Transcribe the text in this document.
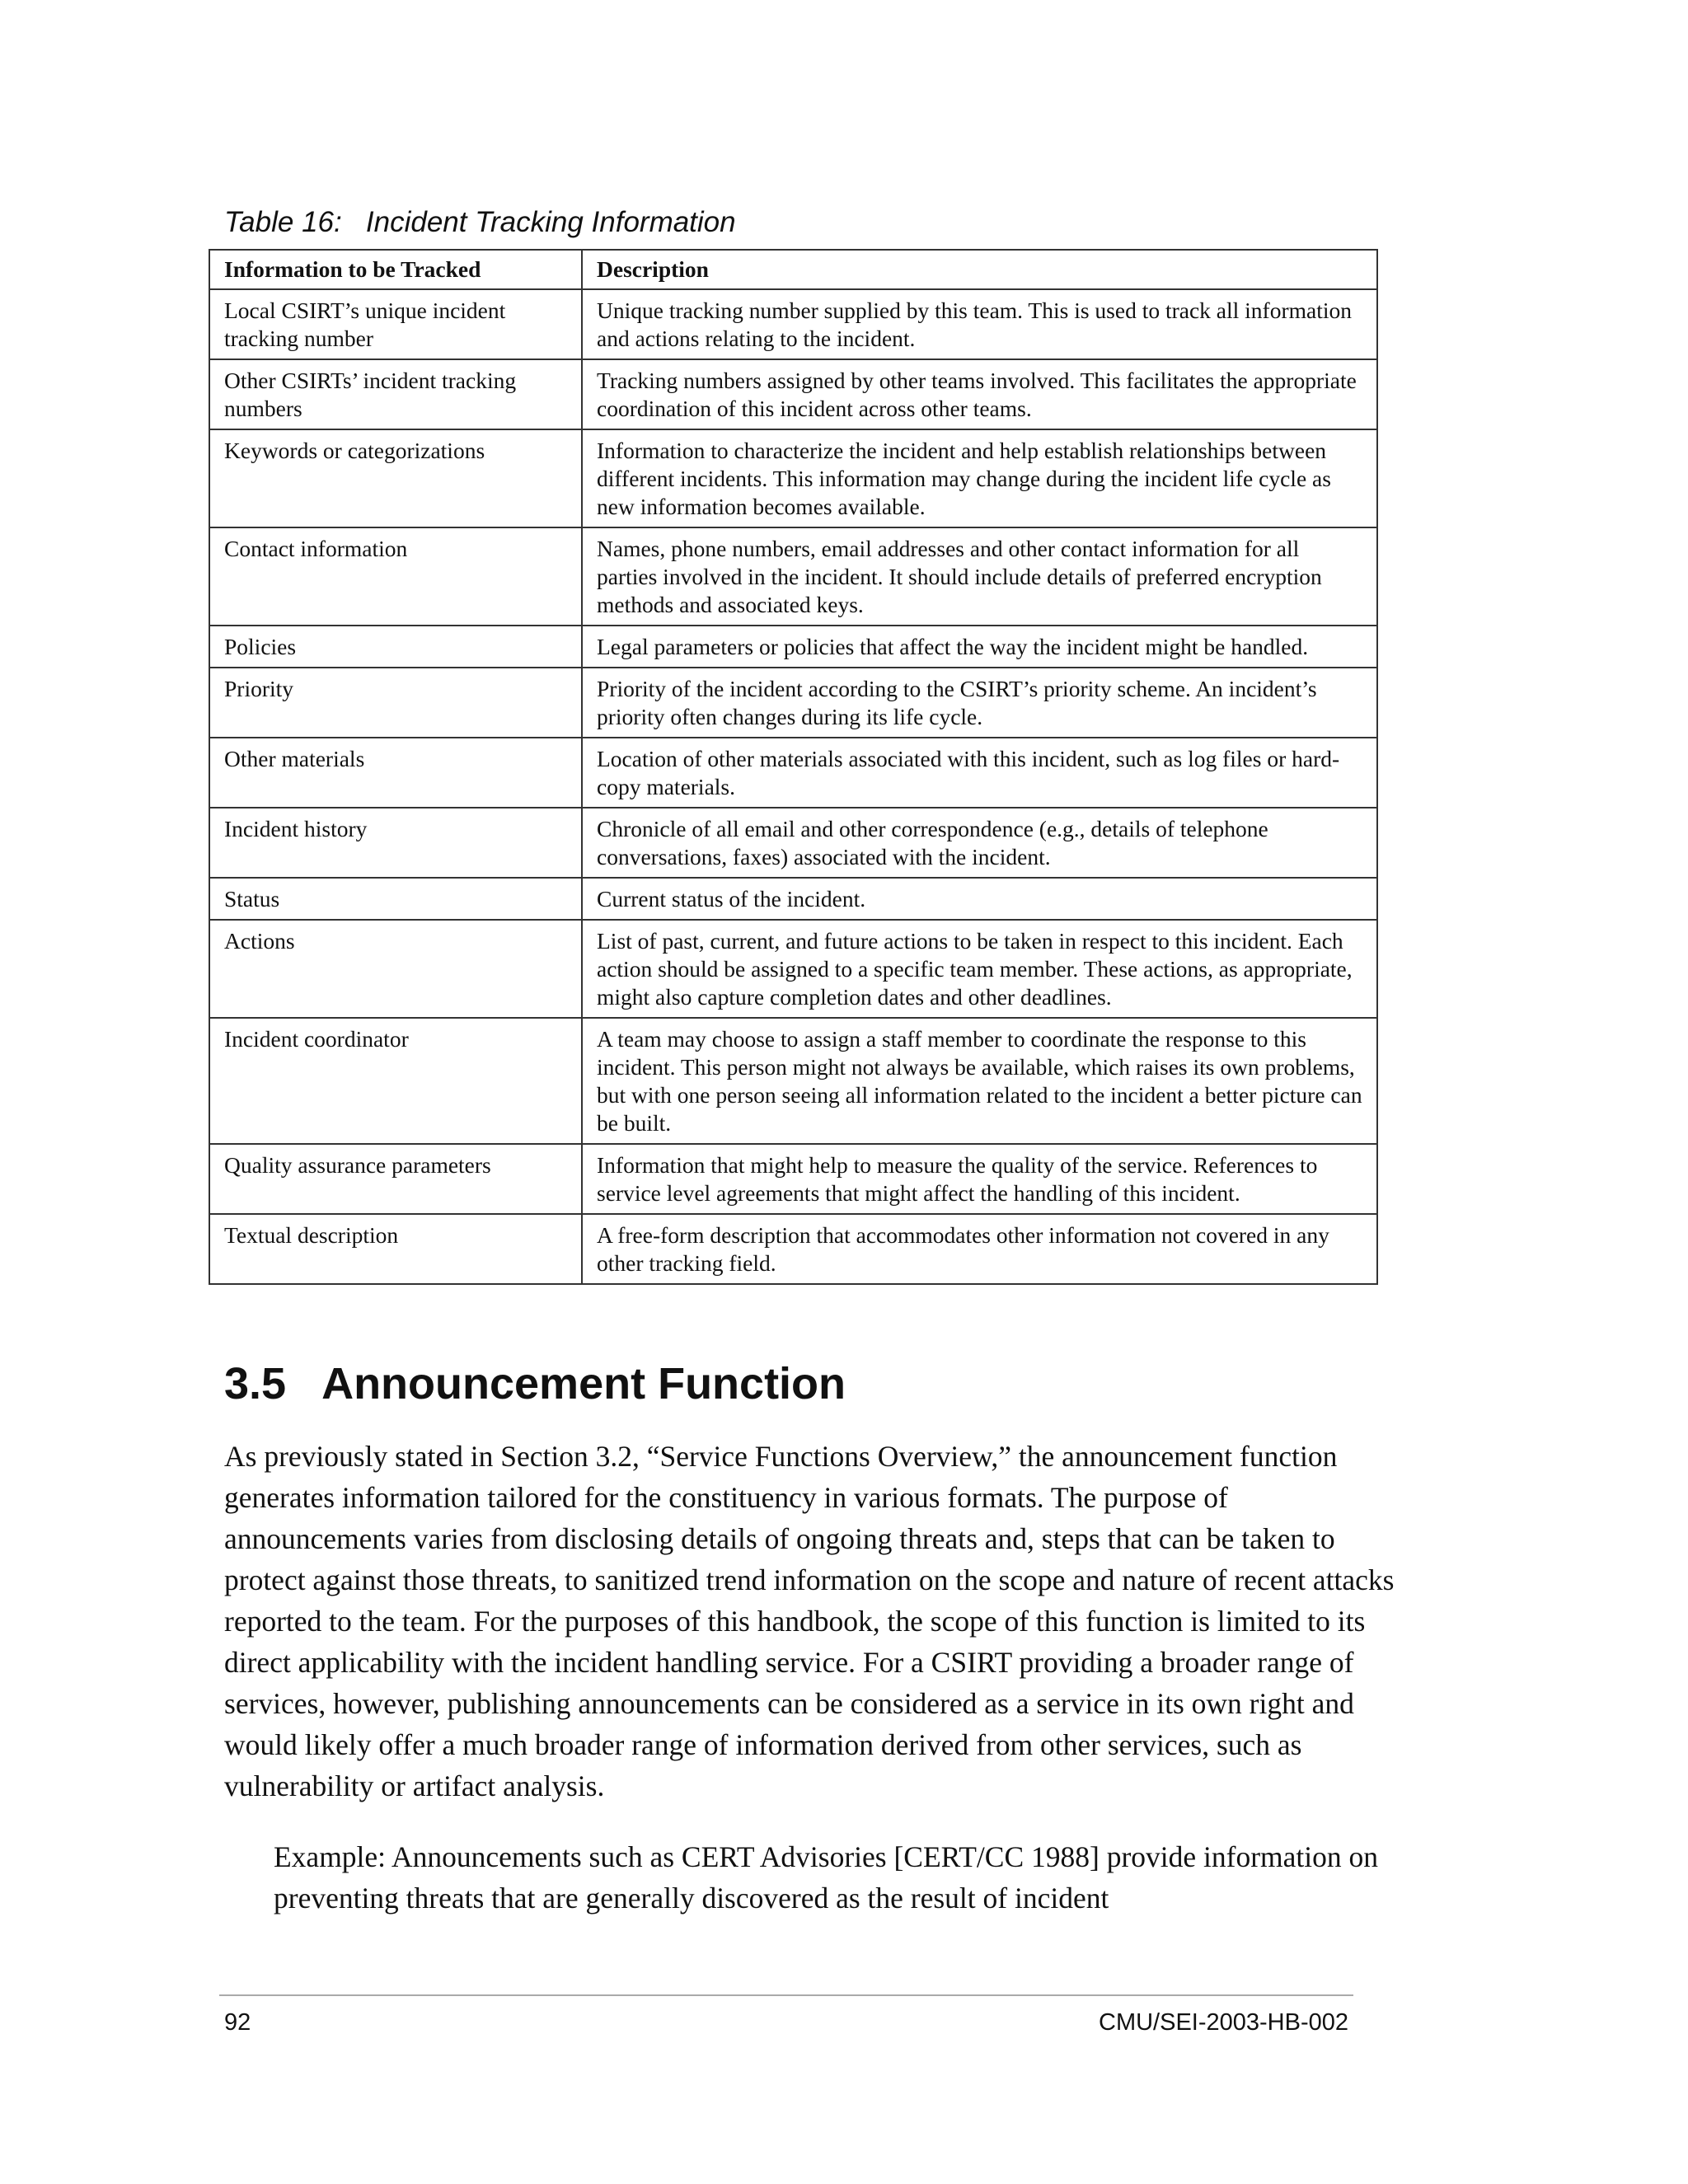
Table 16:   Incident Tracking Information
Information to be Tracked	Description
Local CSIRT’s unique incident tracking number	Unique tracking number supplied by this team. This is used to track all information and actions relating to the incident.
Other CSIRTs’ incident tracking numbers	Tracking numbers assigned by other teams involved. This facilitates the appropriate coordination of this incident across other teams.
Keywords or categorizations	Information to characterize the incident and help establish relationships between different incidents. This information may change during the incident life cycle as new information becomes available.
Contact information	Names, phone numbers, email addresses and other contact information for all parties involved in the incident. It should include details of preferred encryption methods and associated keys.
Policies	Legal parameters or policies that affect the way the incident might be handled.
Priority	Priority of the incident according to the CSIRT’s priority scheme. An incident’s priority often changes during its life cycle.
Other materials	Location of other materials associated with this incident, such as log files or hard-copy materials.
Incident history	Chronicle of all email and other correspondence (e.g., details of telephone conversations, faxes) associated with the incident.
Status	Current status of the incident.
Actions	List of past, current, and future actions to be taken in respect to this incident. Each action should be assigned to a specific team member. These actions, as appropriate, might also capture completion dates and other deadlines.
Incident coordinator	A team may choose to assign a staff member to coordinate the response to this incident. This person might not always be available, which raises its own problems, but with one person seeing all information related to the incident a better picture can be built.
Quality assurance parameters	Information that might help to measure the quality of the service. References to service level agreements that might affect the handling of this incident.
Textual description	A free-form description that accommodates other information not covered in any other tracking field.
3.5   Announcement Function

As previously stated in Section 3.2, “Service Functions Overview,” the announcement function generates information tailored for the constituency in various formats. The purpose of announcements varies from disclosing details of ongoing threats and, steps that can be taken to protect against those threats, to sanitized trend information on the scope and nature of recent attacks reported to the team. For the purposes of this handbook, the scope of this function is limited to its direct applicability with the incident handling service. For a CSIRT providing a broader range of services, however, publishing announcements can be considered as a service in its own right and would likely offer a much broader range of information derived from other services, such as vulnerability or artifact analysis.

Example: Announcements such as CERT Advisories [CERT/CC 1988] provide information on preventing threats that are generally discovered as the result of incident

92	CMU/SEI-2003-HB-002
